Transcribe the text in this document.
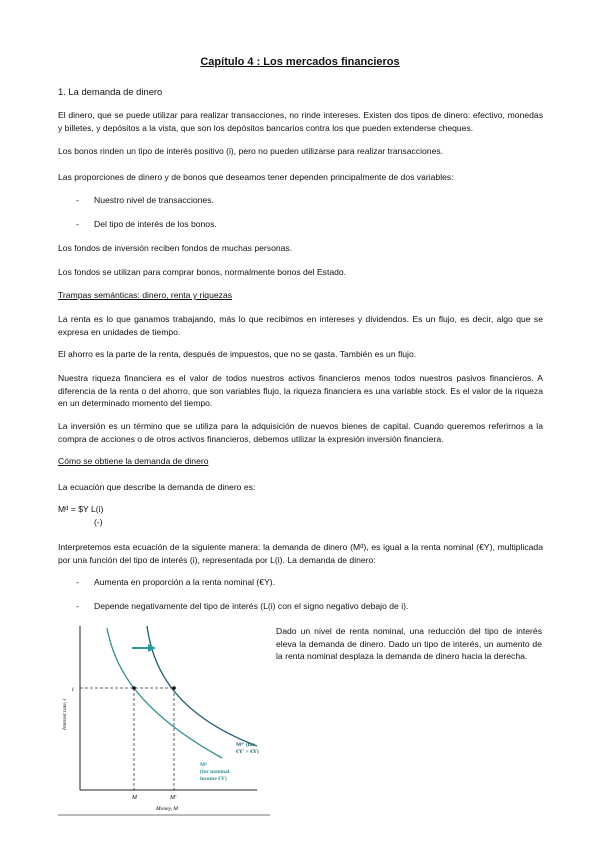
Capítulo 4 : Los mercados financieros
1. La demanda de dinero

El dinero, que se puede utilizar para realizar transacciones, no rinde intereses. Existen dos tipos de dinero: efectivo, monedas y billetes, y depósitos a la vista, que son los depósitos bancarios contra los que pueden extenderse cheques.

Los bonos rinden un tipo de interés positivo (i), pero no pueden utilizarse para realizar transacciones.

Las proporciones de dinero y de bonos que deseamos tener dependen principalmente de dos variables:

- Nuestro nivel de transacciones.
- Del tipo de interés de los bonos.

Los fondos de inversión reciben fondos de muchas personas.

Los fondos se utilizan para comprar bonos, normalmente bonos del Estado.

Trampas semánticas: dinero, renta y riquezas

La renta es lo que ganamos trabajando, más lo que recibimos en intereses y dividendos. Es un flujo, es decir, algo que se expresa en unidades de tiempo.

El ahorro es la parte de la renta, después de impuestos, que no se gasta. También es un flujo.

Nuestra riqueza financiera es el valor de todos nuestros activos financieros menos todos nuestros pasivos financieros. A diferencia de la renta o del ahorro, que son variables flujo, la riqueza financiera es una variable stock. Es el valor de la riqueza en un determinado momento del tiempo.

La inversión es un término que se utiliza para la adquisición de nuevos bienes de capital. Cuando queremos referirnos a la compra de acciones o de otros activos financieros, debemos utilizar la expresión inversión financiera.

Cómo se obtiene la demanda de dinero

La ecuación que describe la demanda de dinero es:

Mᵈ = $Y L(i)
(-)

Interpretemos esta ecuación de la siguiente manera: la demanda de dinero (Mᵈ), es igual a la renta nominal (€Y), multiplicada por una función del tipo de interés (i), representada por L(i). La demanda de dinero:

- Aumenta en proporción a la renta nominal (€Y).
- Depende negativamente del tipo de interés (L(i) con el signo negativo debajo de i).

Dado un nivel de renta nominal, una reducción del tipo de interés eleva la demanda de dinero. Dado un tipo de interés, un aumento de la renta nominal desplaza la demanda de dinero hacia la derecha.

i
M	M'
Money, M
Interest rate, i
Mᵈ
(for nominal
income €Y)
Mᵈ' (for
€Y' > €Y)
